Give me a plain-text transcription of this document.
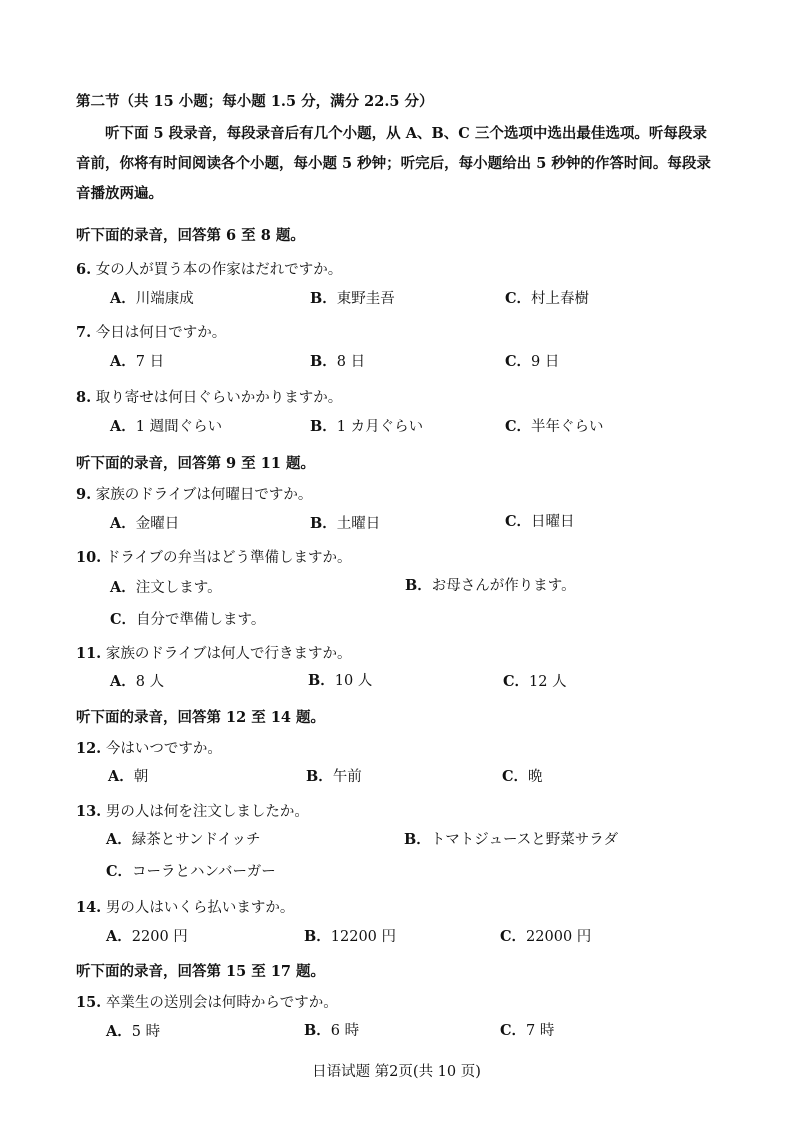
第二节（共 15 小题；每小题 1.5 分，满分 22.5 分）
听下面 5 段录音，每段录音后有几个小题，从 A、B、C 三个选项中选出最佳选项。听每段录音前，你将有时间阅读各个小题，每小题 5 秒钟；听完后，每小题给出 5 秒钟的作答时间。每段录音播放两遍。
听下面的录音，回答第 6 至 8 题。
6. 女の人が買う本の作家はだれですか。
A．川端康成	B．東野圭吾	C．村上春樹
7. 今日は何日ですか。
A．7 日	B．8 日	C．9 日
8. 取り寄せは何日ぐらいかかりますか。
A．1 週間ぐらい	B．1 カ月ぐらい	C．半年ぐらい
听下面的录音，回答第 9 至 11 题。
9. 家族のドライブは何曜日ですか。
A．金曜日	B．土曜日	C．日曜日
10. ドライブの弁当はどう準備しますか。
A．注文します。	B．お母さんが作ります。
C．自分で準備します。
11. 家族のドライブは何人で行きますか。
A．8 人	B．10 人	C．12 人
听下面的录音，回答第 12 至 14 题。
12. 今はいつですか。
A．朝	B．午前	C．晩
13. 男の人は何を注文しましたか。
A．緑茶とサンドイッチ	B．トマトジュースと野菜サラダ
C．コーラとハンバーガー
14. 男の人はいくら払いますか。
A．2200 円	B．12200 円	C．22000 円
听下面的录音，回答第 15 至 17 题。
15. 卒業生の送別会は何時からですか。
A．5 時	B．6 時	C．7 時
日语试题 第2页(共 10 页)
